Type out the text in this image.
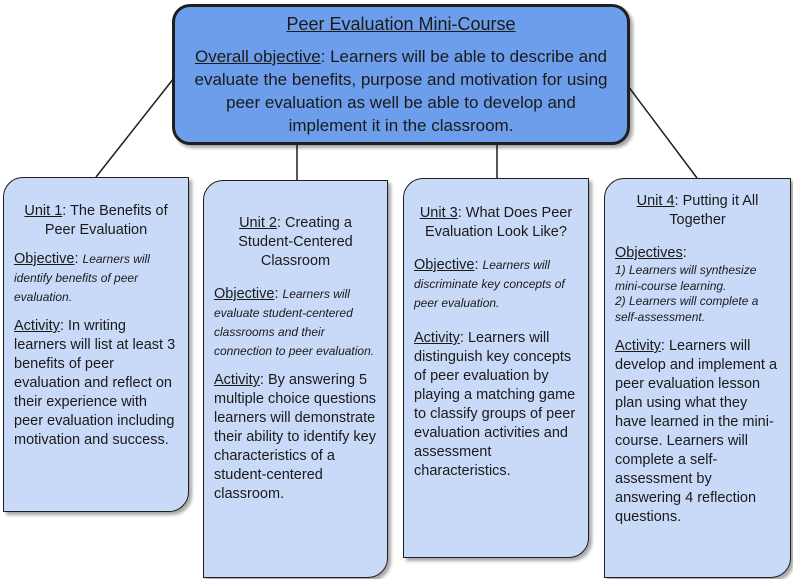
Peer Evaluation Mini-Course
Overall objective: Learners will be able to describe and evaluate the benefits, purpose and motivation for using peer evaluation as well be able to develop and implement it in the classroom.
Unit 1: The Benefits of Peer Evaluation
Objective: Learners will identify benefits of peer evaluation.
Activity: In writing learners will list at least 3 benefits of peer evaluation and reflect on their experience with peer evaluation including motivation and success.
Unit 2: Creating a Student-Centered Classroom
Objective: Learners will evaluate student-centered classrooms and their connection to peer evaluation.
Activity: By answering 5 multiple choice questions learners will demonstrate their ability to identify key characteristics of a student-centered classroom.
Unit 3: What Does Peer Evaluation Look Like?
Objective: Learners will discriminate key concepts of peer evaluation.
Activity: Learners will distinguish key concepts of peer evaluation by playing a matching game to classify groups of peer evaluation activities and assessment characteristics.
Unit 4: Putting it All Together
Objectives:
1) Learners will synthesize mini-course learning.
2) Learners will complete a self-assessment.
Activity: Learners will develop and implement a peer evaluation lesson plan using what they have learned in the mini-course. Learners will complete a self-assessment by answering 4 reflection questions.
